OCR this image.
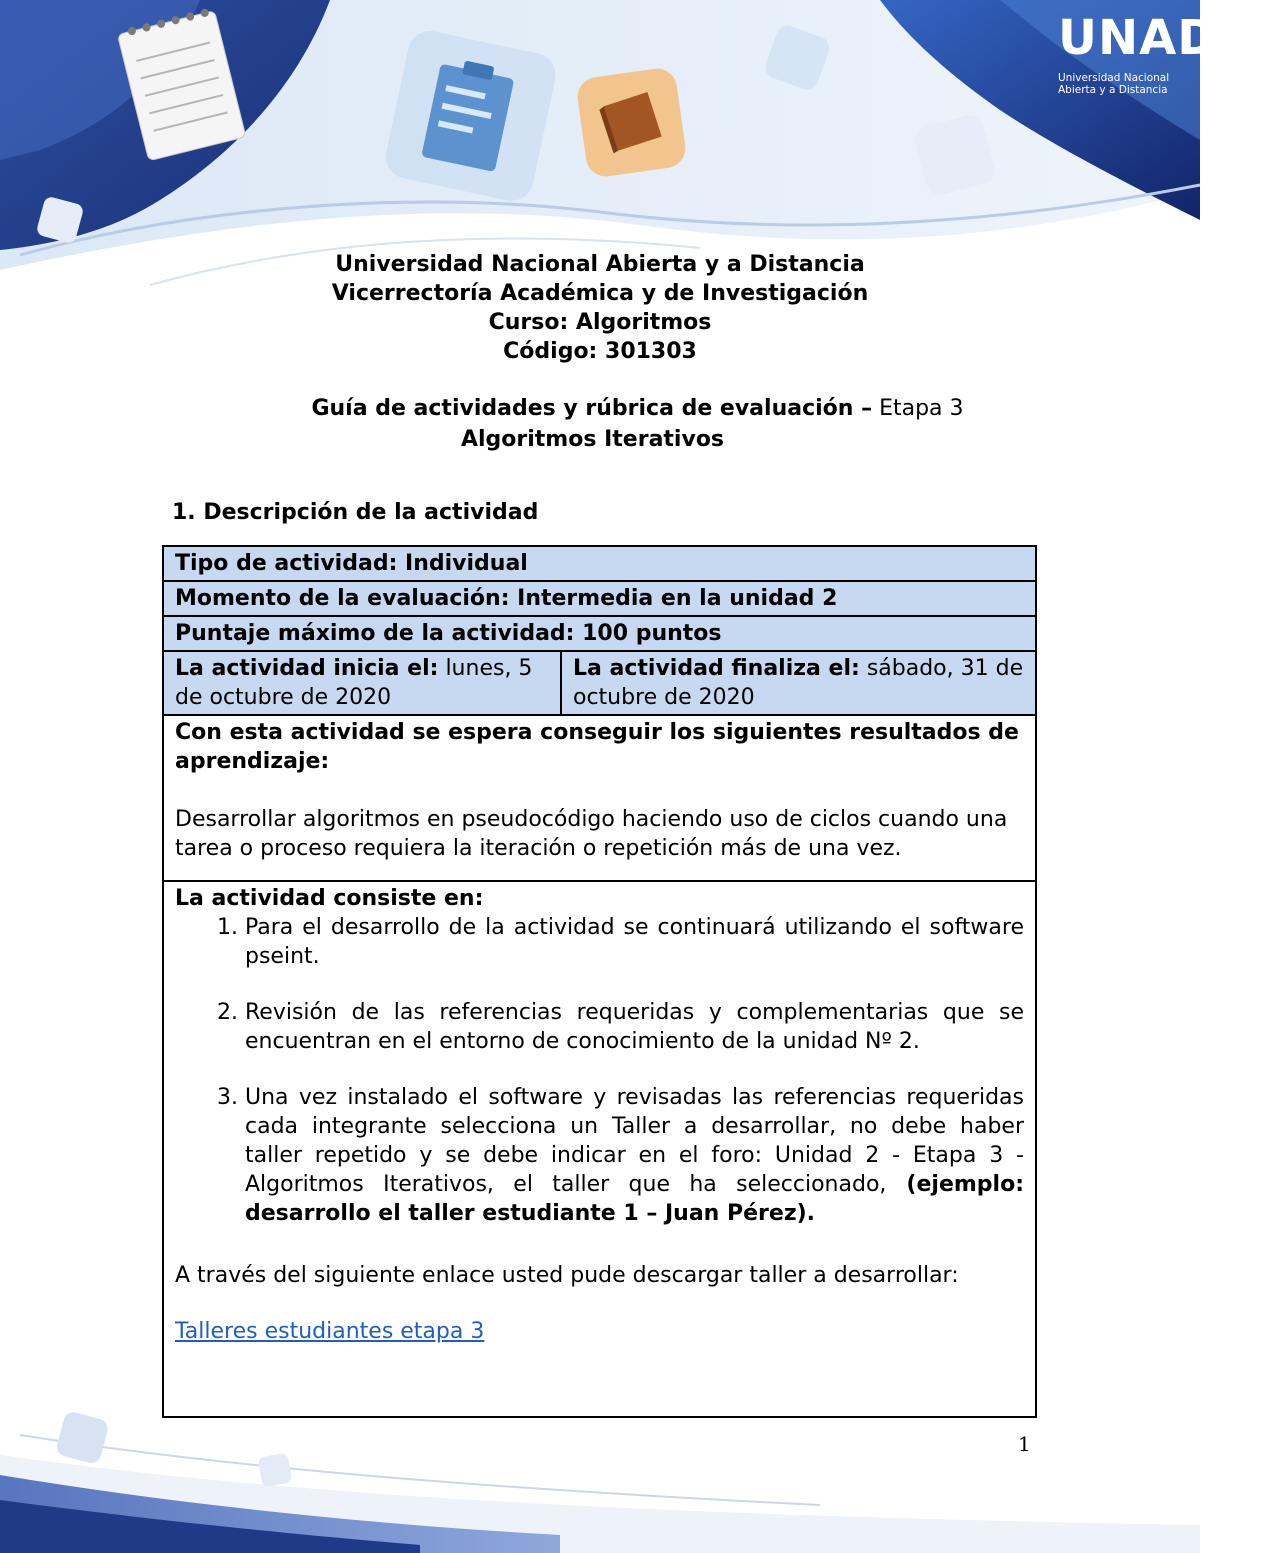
UNAD
Universidad Nacional
Abierta y a Distancia
Universidad Nacional Abierta y a Distancia
Vicerrectoría Académica y de Investigación
Curso: Algoritmos
Código: 301303
Guía de actividades y rúbrica de evaluación – Etapa 3
Algoritmos Iterativos
1. Descripción de la actividad
Tipo de actividad: Individual
Momento de la evaluación: Intermedia en la unidad 2
Puntaje máximo de la actividad: 100 puntos
La actividad inicia el: lunes, 5 de octubre de 2020	La actividad finaliza el: sábado, 31 de octubre de 2020

Con esta actividad se espera conseguir los siguientes resultados de aprendizaje:
Desarrollar algoritmos en pseudocódigo haciendo uso de ciclos cuando una tarea o proceso requiera la iteración o repetición más de una vez.

La actividad consiste en:
1. Para el desarrollo de la actividad se continuará utilizando el software pseint.
2. Revisión de las referencias requeridas y complementarias que se encuentran en el entorno de conocimiento de la unidad Nº 2.
3. Una vez instalado el software y revisadas las referencias requeridas cada integrante selecciona un Taller a desarrollar, no debe haber taller repetido y se debe indicar en el foro: Unidad 2 - Etapa 3 - Algoritmos Iterativos, el taller que ha seleccionado, (ejemplo: desarrollo el taller estudiante 1 – Juan Pérez).
A través del siguiente enlace usted pude descargar taller a desarrollar:
Talleres estudiantes etapa 3
1
